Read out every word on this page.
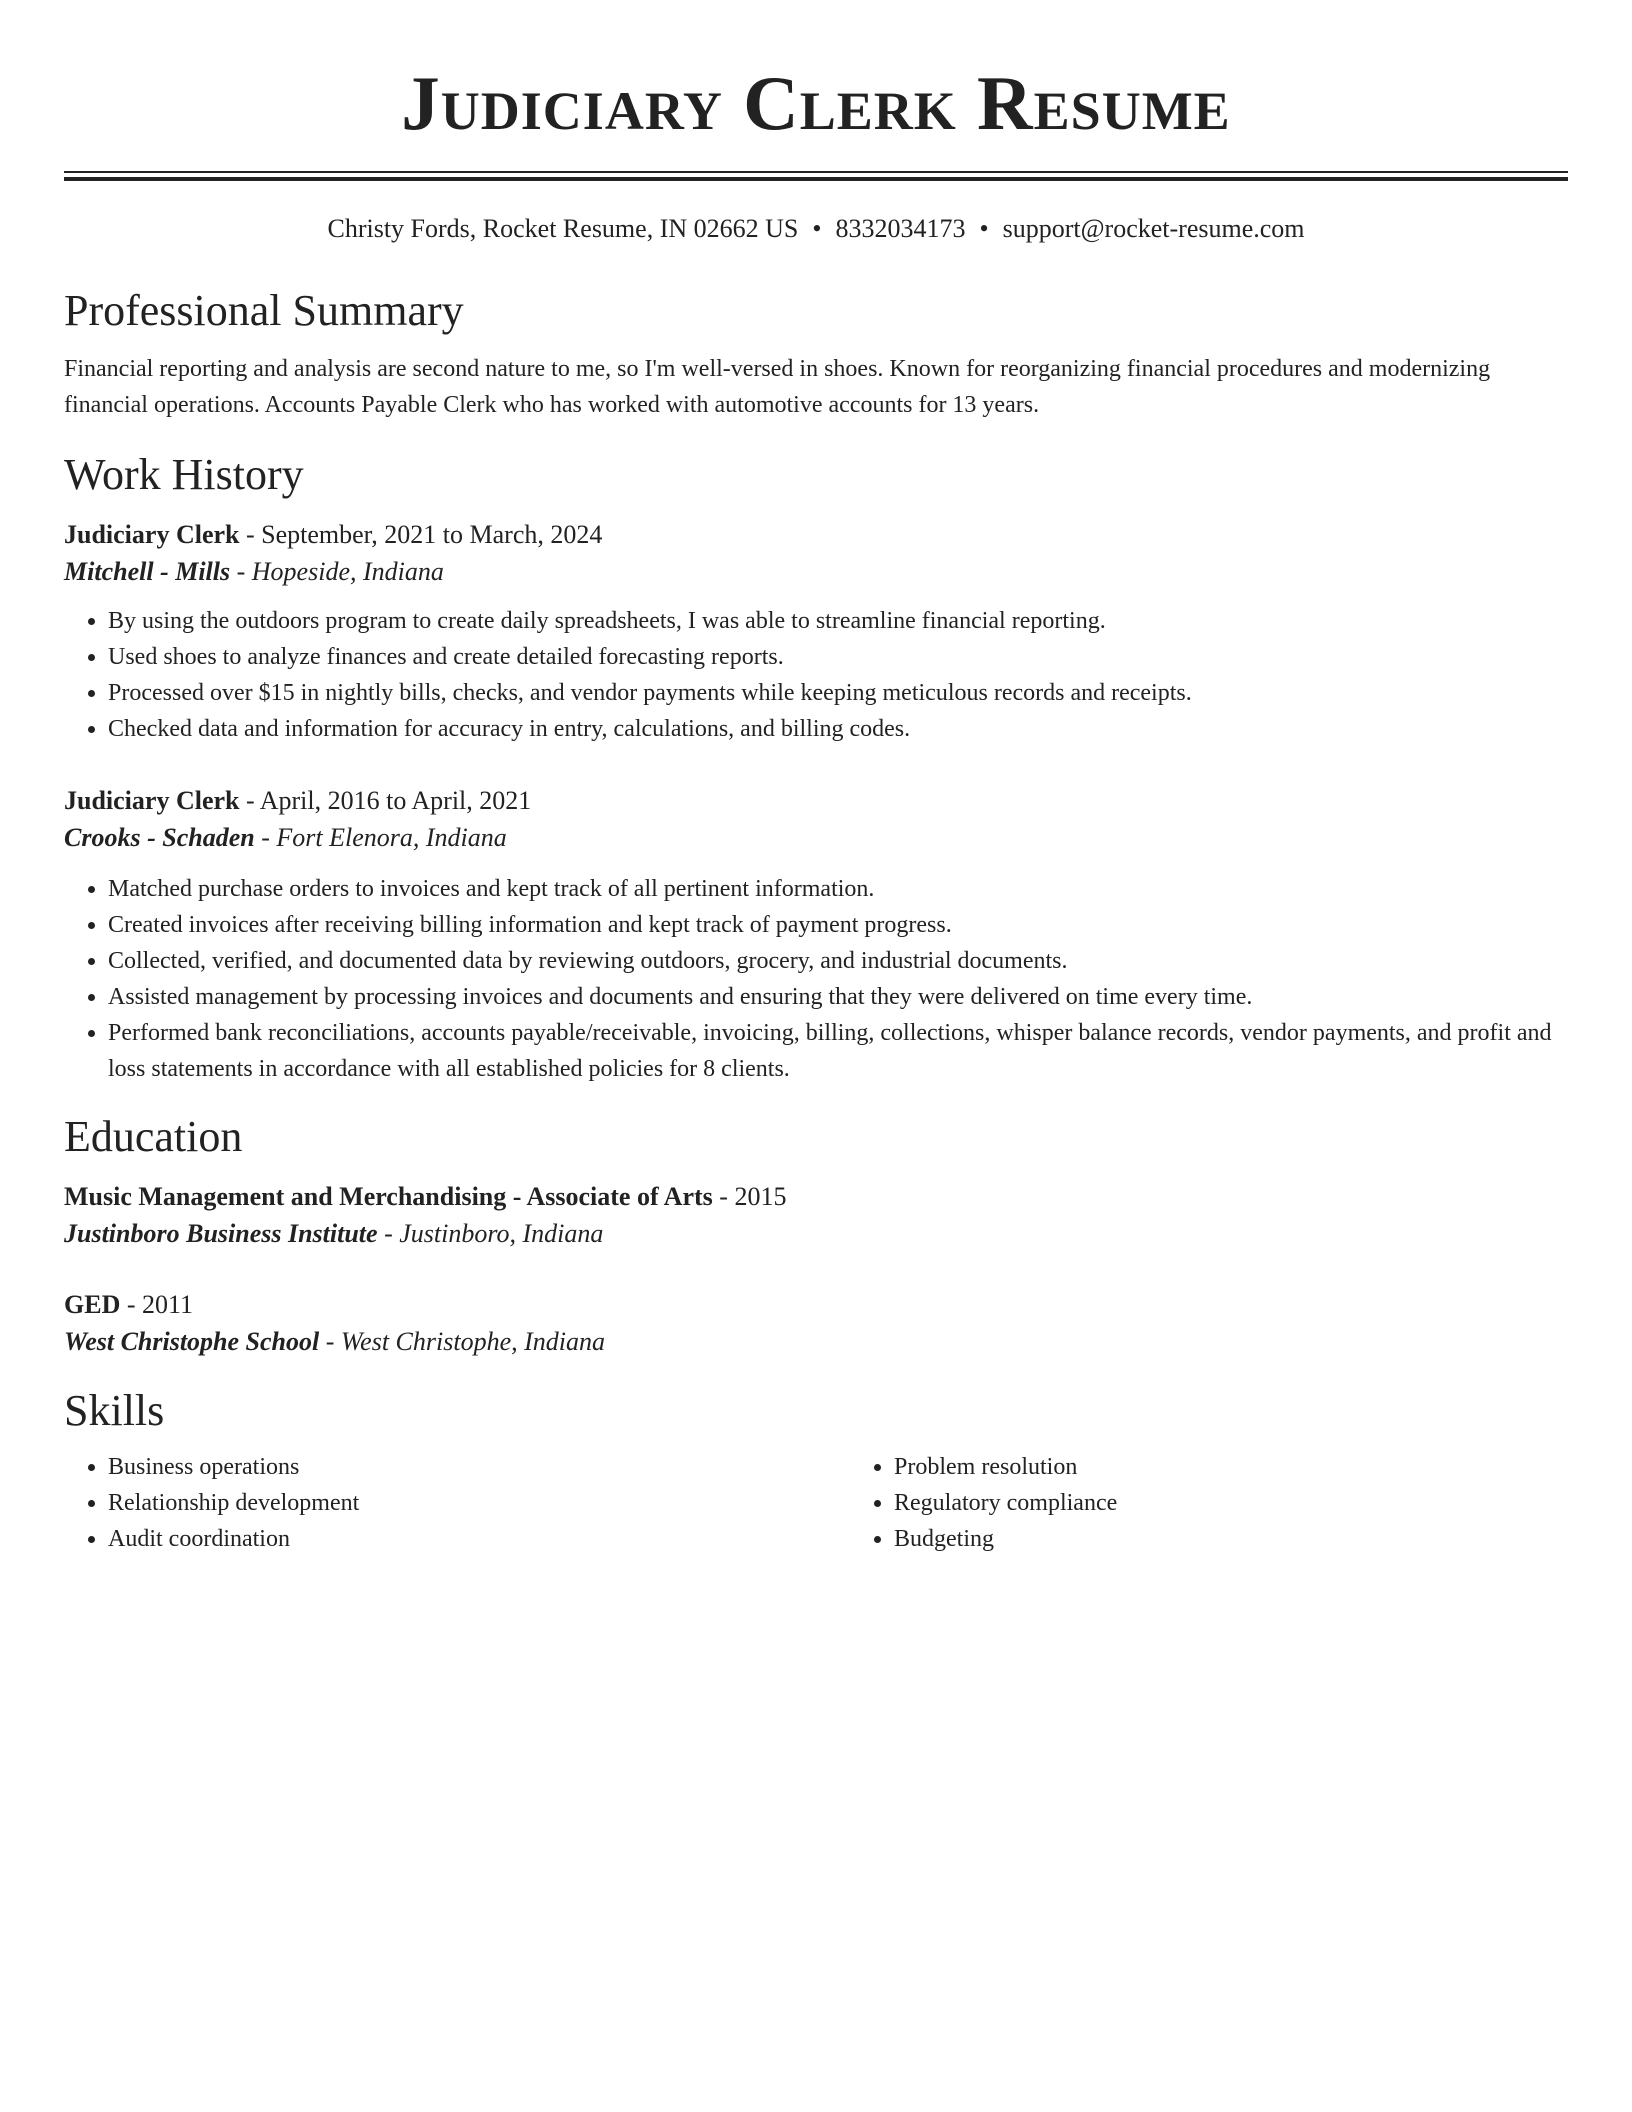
Judiciary Clerk Resume
Christy Fords, Rocket Resume, IN 02662 US • 8332034173 • support@rocket-resume.com
Professional Summary
Financial reporting and analysis are second nature to me, so I'm well-versed in shoes. Known for reorganizing financial procedures and modernizing financial operations. Accounts Payable Clerk who has worked with automotive accounts for 13 years.
Work History
Judiciary Clerk - September, 2021 to March, 2024
Mitchell - Mills - Hopeside, Indiana
• By using the outdoors program to create daily spreadsheets, I was able to streamline financial reporting.
• Used shoes to analyze finances and create detailed forecasting reports.
• Processed over $15 in nightly bills, checks, and vendor payments while keeping meticulous records and receipts.
• Checked data and information for accuracy in entry, calculations, and billing codes.
Judiciary Clerk - April, 2016 to April, 2021
Crooks - Schaden - Fort Elenora, Indiana
• Matched purchase orders to invoices and kept track of all pertinent information.
• Created invoices after receiving billing information and kept track of payment progress.
• Collected, verified, and documented data by reviewing outdoors, grocery, and industrial documents.
• Assisted management by processing invoices and documents and ensuring that they were delivered on time every time.
• Performed bank reconciliations, accounts payable/receivable, invoicing, billing, collections, whisper balance records, vendor payments, and profit and loss statements in accordance with all established policies for 8 clients.
Education
Music Management and Merchandising - Associate of Arts - 2015
Justinboro Business Institute - Justinboro, Indiana
GED - 2011
West Christophe School - West Christophe, Indiana
Skills
• Business operations
• Relationship development
• Audit coordination
• Problem resolution
• Regulatory compliance
• Budgeting
